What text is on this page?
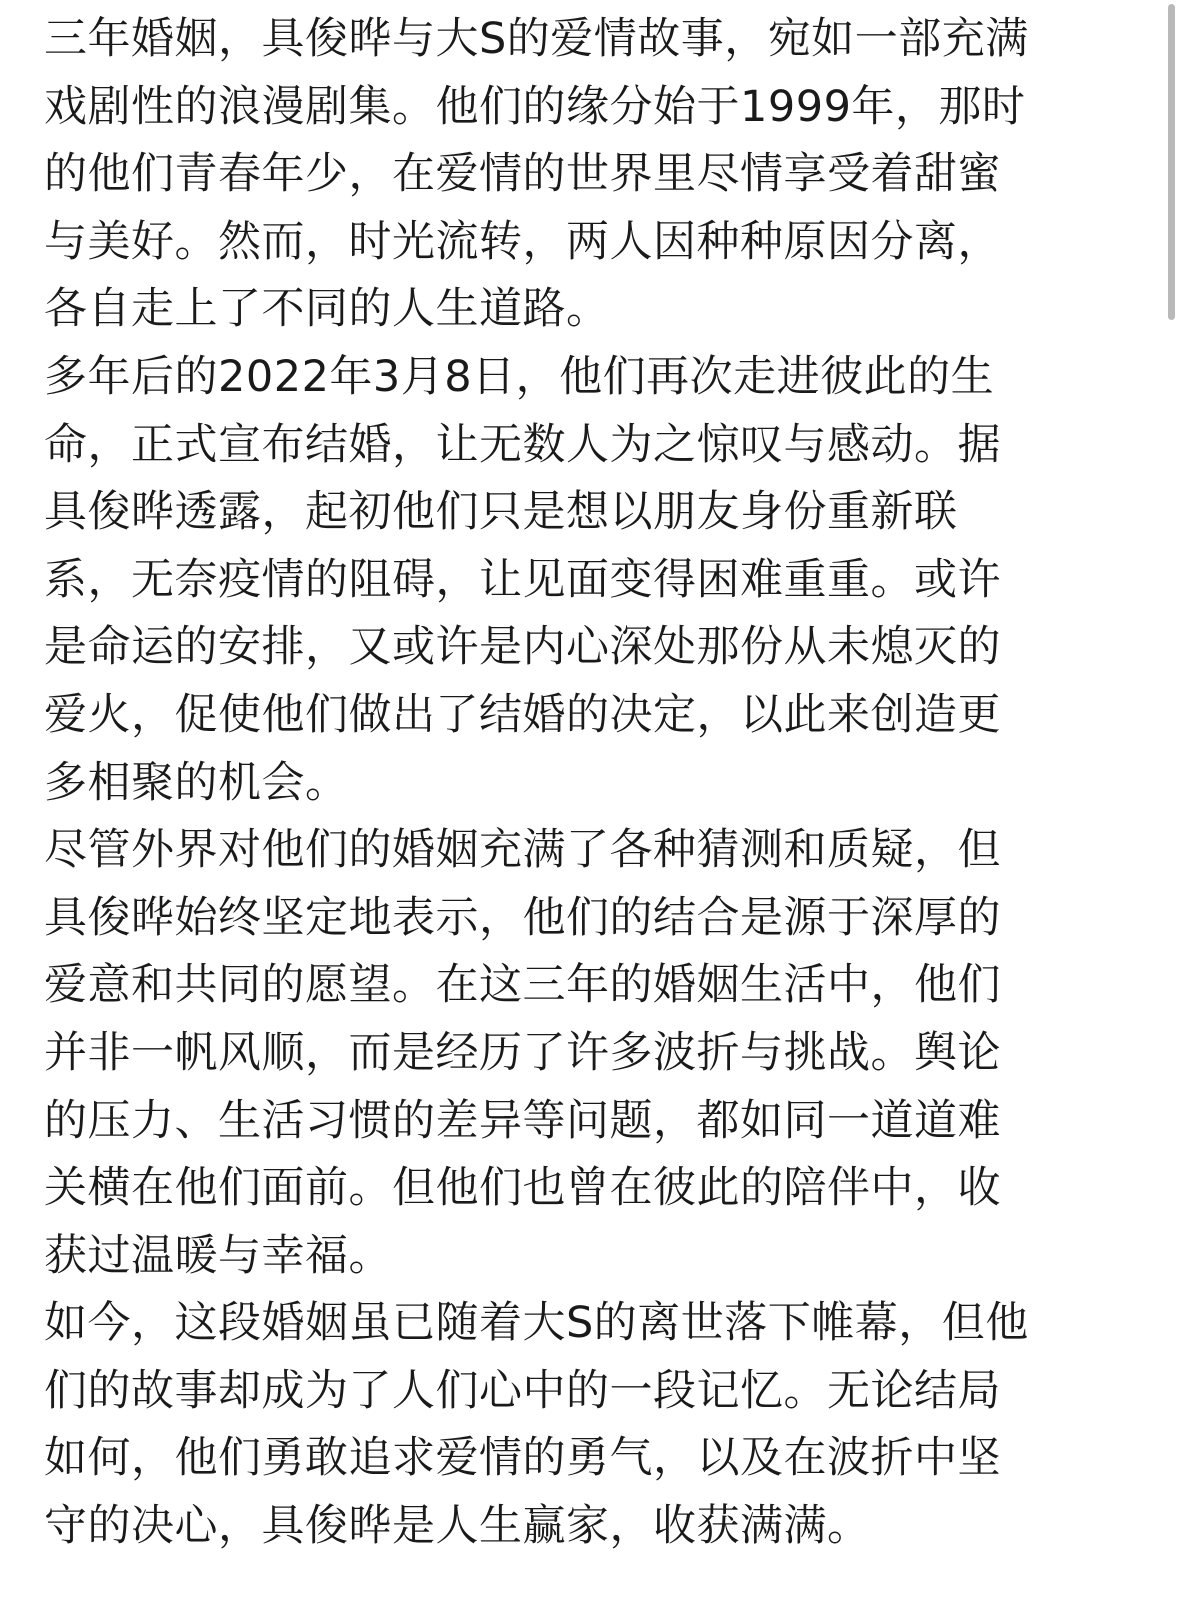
三年婚姻，具俊晔与大S的爱情故事，宛如一部充满
戏剧性的浪漫剧集。他们的缘分始于1999年，那时
的他们青春年少，在爱情的世界里尽情享受着甜蜜
与美好。然而，时光流转，两人因种种原因分离，
各自走上了不同的人生道路。
多年后的2022年3月8日，他们再次走进彼此的生
命，正式宣布结婚，让无数人为之惊叹与感动。据
具俊晔透露，起初他们只是想以朋友身份重新联
系，无奈疫情的阻碍，让见面变得困难重重。或许
是命运的安排，又或许是内心深处那份从未熄灭的
爱火，促使他们做出了结婚的决定，以此来创造更
多相聚的机会。
尽管外界对他们的婚姻充满了各种猜测和质疑，但
具俊晔始终坚定地表示，他们的结合是源于深厚的
爱意和共同的愿望。在这三年的婚姻生活中，他们
并非一帆风顺，而是经历了许多波折与挑战。舆论
的压力、生活习惯的差异等问题，都如同一道道难
关横在他们面前。但他们也曾在彼此的陪伴中，收
获过温暖与幸福。
如今，这段婚姻虽已随着大S的离世落下帷幕，但他
们的故事却成为了人们心中的一段记忆。无论结局
如何，他们勇敢追求爱情的勇气，以及在波折中坚
守的决心，具俊晔是人生赢家，收获满满。
